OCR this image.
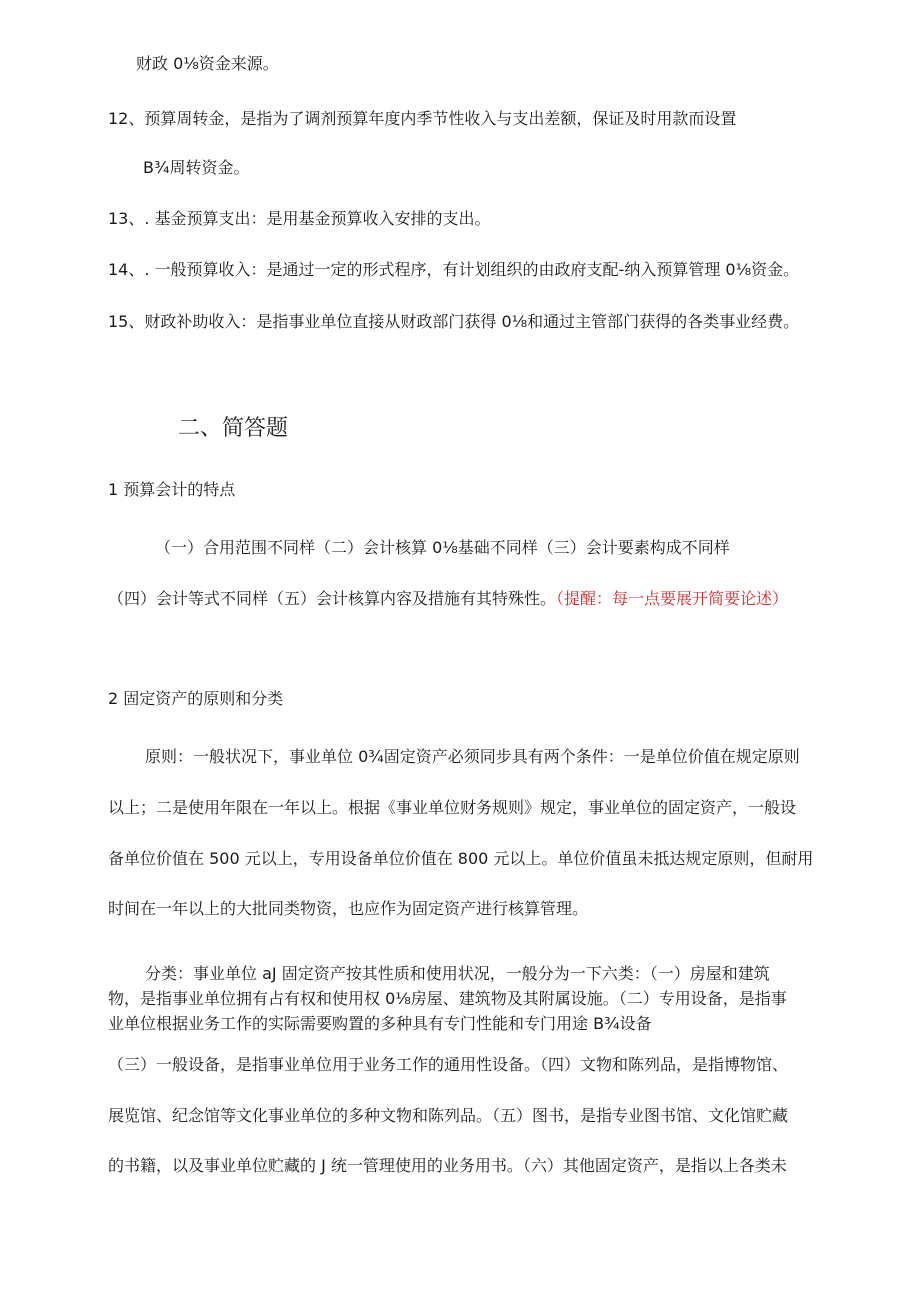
财政 0⅛资金来源。
12、预算周转金，是指为了调剂预算年度内季节性收入与支出差额，保证及时用款而设置
B¾周转资金。
13、. 基金预算支出：是用基金预算收入安排的支出。
14、. 一般预算收入：是通过一定的形式程序，有计划组织的由政府支配-纳入预算管理 0⅛资金。
15、财政补助收入：是指事业单位直接从财政部门获得 0⅛和通过主管部门获得的各类事业经费。
二、简答题
1 预算会计的特点
（一）合用范围不同样（二）会计核算 0⅛基础不同样（三）会计要素构成不同样
（四）会计等式不同样（五）会计核算内容及措施有其特殊性。（提醒：每一点要展开简要论述）
2 固定资产的原则和分类
原则：一般状况下，事业单位 0¾固定资产必须同步具有两个条件：一是单位价值在规定原则
以上；二是使用年限在一年以上。根据《事业单位财务规则》规定，事业单位的固定资产，一般设
备单位价值在 500 元以上，专用设备单位价值在 800 元以上。单位价值虽未抵达规定原则，但耐用
时间在一年以上的大批同类物资，也应作为固定资产进行核算管理。
分类：事业单位 aJ 固定资产按其性质和使用状况，一般分为一下六类：（一）房屋和建筑
物，是指事业单位拥有占有权和使用权 0⅛房屋、建筑物及其附属设施。（二）专用设备，是指事
业单位根据业务工作的实际需要购置的多种具有专门性能和专门用途 B¾设备
（三）一般设备，是指事业单位用于业务工作的通用性设备。（四）文物和陈列品，是指博物馆、
展览馆、纪念馆等文化事业单位的多种文物和陈列品。（五）图书，是指专业图书馆、文化馆贮藏
的书籍，以及事业单位贮藏的 J 统一管理使用的业务用书。（六）其他固定资产，是指以上各类未
